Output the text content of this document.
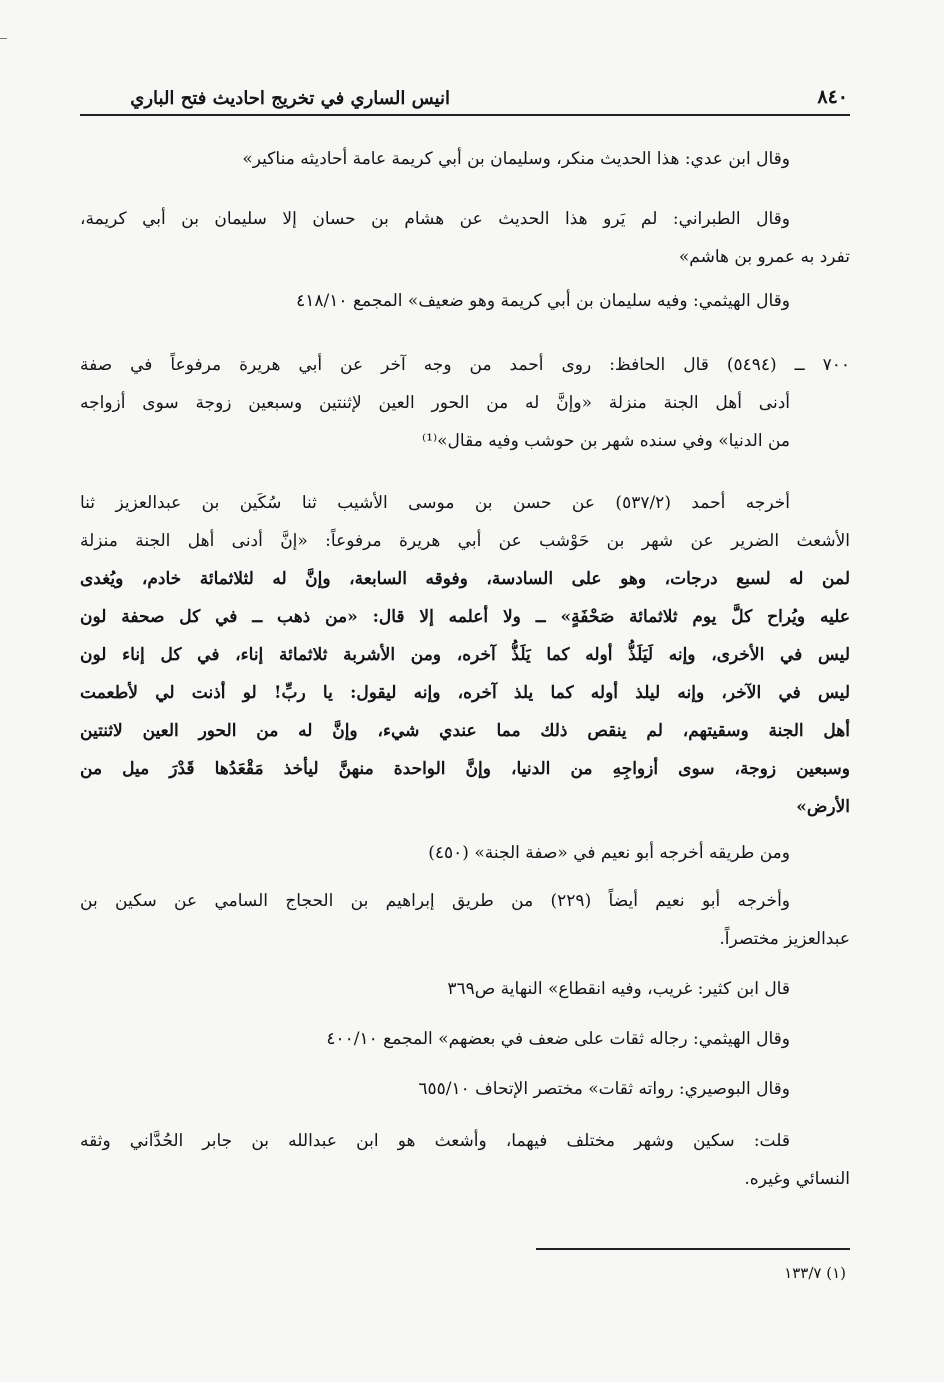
٨٤٠
انيس الساري في تخريج احاديث فتح الباري
وقال ابن عدي: هذا الحديث منكر، وسليمان بن أبي كريمة عامة أحاديثه مناكير»
وقال الطبراني: لم يَرو هذا الحديث عن هشام بن حسان إلا سليمان بن أبي كريمة،
تفرد به عمرو بن هاشم»
وقال الهيثمي: وفيه سليمان بن أبي كريمة وهو ضعيف» المجمع ٤١٨/١٠
٧٠٠ ــ (٥٤٩٤) قال الحافظ: روى أحمد من وجه آخر عن أبي هريرة مرفوعاً في صفة
أدنى أهل الجنة منزلة «وإنَّ له من الحور العين لإثنتين وسبعين زوجة سوى أزواجه
من الدنيا» وفي سنده شهر بن حوشب وفيه مقال»⁽¹⁾
أخرجه أحمد (٥٣٧/٢) عن حسن بن موسى الأشيب ثنا سُكَين بن عبدالعزيز ثنا
الأشعث الضرير عن شهر بن حَوْشب عن أبي هريرة مرفوعاً: «إنَّ أدنى أهل الجنة منزلة
لمن له لسبع درجات، وهو على السادسة، وفوقه السابعة، وإنَّ له لثلاثمائة خادم، ويُغدى
عليه ويُراح كلَّ يوم ثلاثمائة صَحْفَةٍ» ــ ولا أعلمه إلا قال: «من ذهب ــ في كل صحفة لون
ليس في الأخرى، وإنه لَيَلَذُّ أوله كما يَلَذُّ آخره، ومن الأشربة ثلاثمائة إناء، في كل إناء لون
ليس في الآخر، وإنه ليلذ أوله كما يلذ آخره، وإنه ليقول: يا ربِّ! لو أذنت لي لأطعمت
أهل الجنة وسقيتهم، لم ينقص ذلك مما عندي شيء، وإنَّ له من الحور العين لاثنتين
وسبعين زوجة، سوى أزواجِهِ من الدنيا، وإنَّ الواحدة منهنَّ ليأخذ مَقْعَدُها قَدْرَ ميل من
الأرض»
ومن طريقه أخرجه أبو نعيم في «صفة الجنة» (٤٥٠)
وأخرجه أبو نعيم أيضاً (٢٢٩) من طريق إبراهيم بن الحجاج السامي عن سكين بن
عبدالعزيز مختصراً.
قال ابن كثير: غريب، وفيه انقطاع» النهاية ص٣٦٩
وقال الهيثمي: رجاله ثقات على ضعف في بعضهم» المجمع ٤٠٠/١٠
وقال البوصيري: رواته ثقات» مختصر الإتحاف ٦٥٥/١٠
قلت: سكين وشهر مختلف فيهما، وأشعث هو ابن عبدالله بن جابر الحُدَّاني وثقه
النسائي وغيره.
(١) ١٣٣/٧
